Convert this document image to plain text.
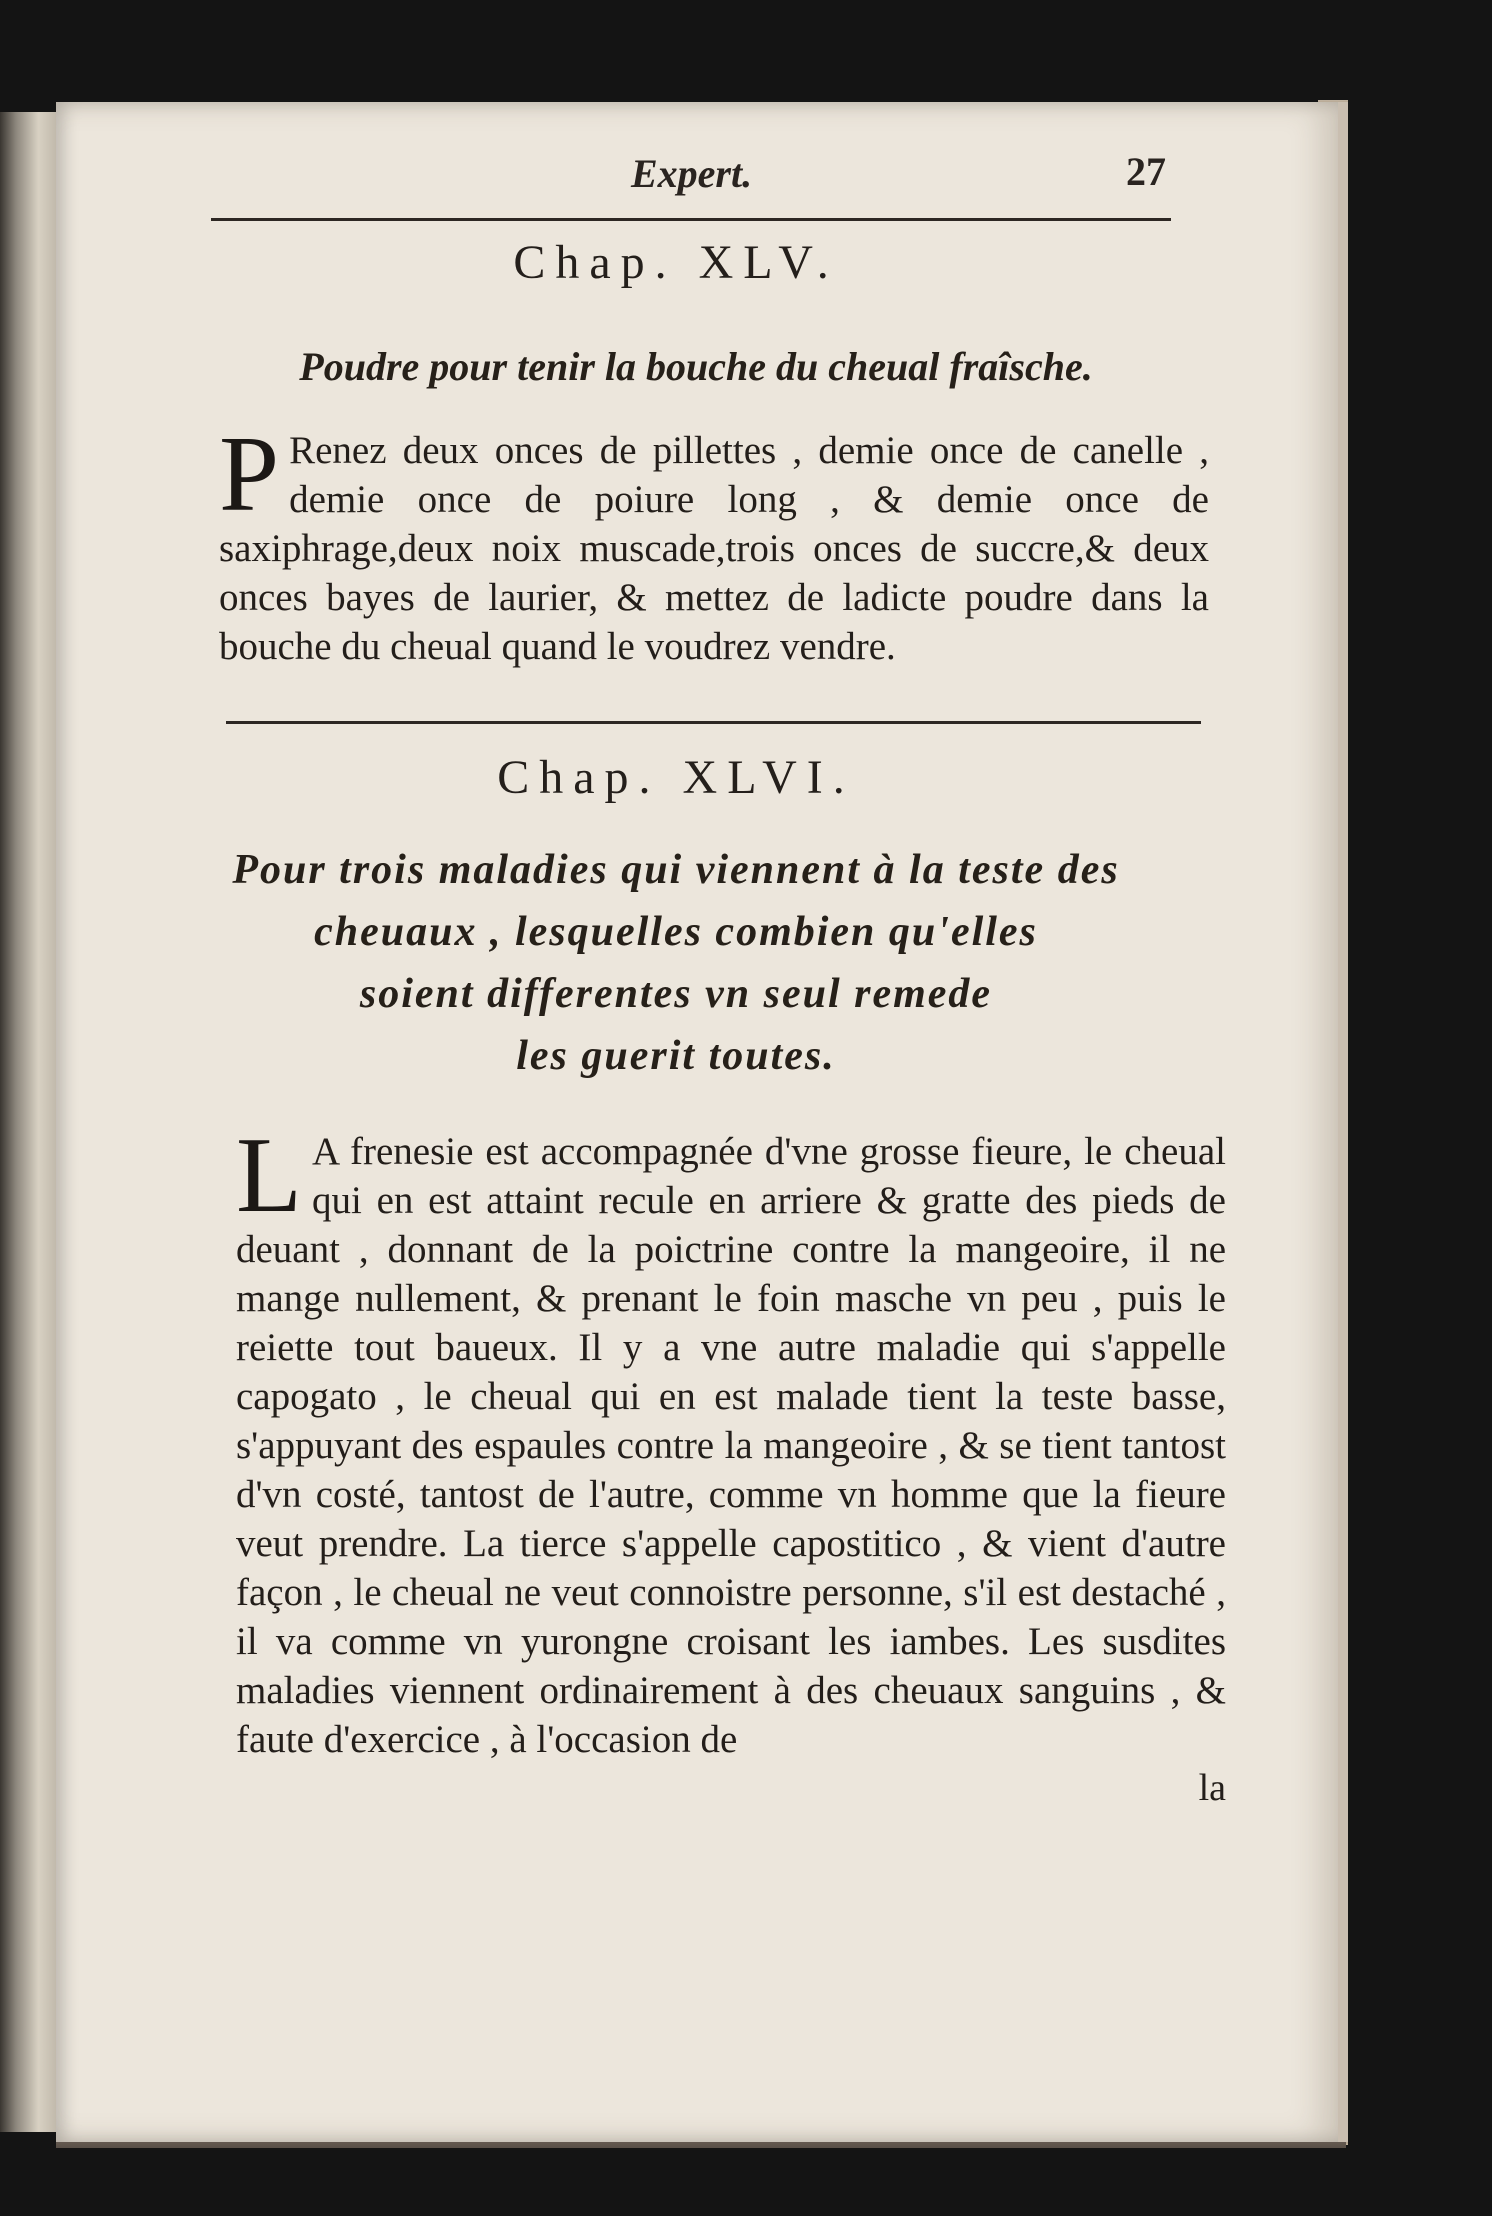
Expert.	27
Chap. XLV.
Poudre pour tenir la bouche du cheual fraîsche.
P Renez deux onces de pillettes , demie once de canelle , demie once de poiure long , & demie once de saxiphrage,deux noix muscade,trois onces de succre,& deux onces bayes de laurier, & mettez de ladicte poudre dans la bouche du cheual quand le voudrez vendre.
Chap. XLVI.
Pour trois maladies qui viennent à la teste des
cheuaux , lesquelles combien qu'elles
soient differentes vn seul remede
les guerit toutes.
L A frenesie est accompagnée d'vne grosse fieure, le cheual qui en est attaint recule en arriere & gratte des pieds de deuant , donnant de la poictrine contre la mangeoire, il ne mange nullement, & prenant le foin masche vn peu , puis le reiette tout baueux. Il y a vne autre maladie qui s'appelle capogato , le cheual qui en est malade tient la teste basse, s'appuyant des espaules contre la mangeoire , & se tient tantost d'vn costé, tantost de l'autre, comme vn homme que la fieure veut prendre. La tierce s'appelle capostitico , & vient d'autre façon , le cheual ne veut connoistre personne, s'il est destaché , il va comme vn yurongne croisant les iambes. Les susdites maladies viennent ordinairement à des cheuaux sanguins , & faute d'exercice , à l'occasion de
la
